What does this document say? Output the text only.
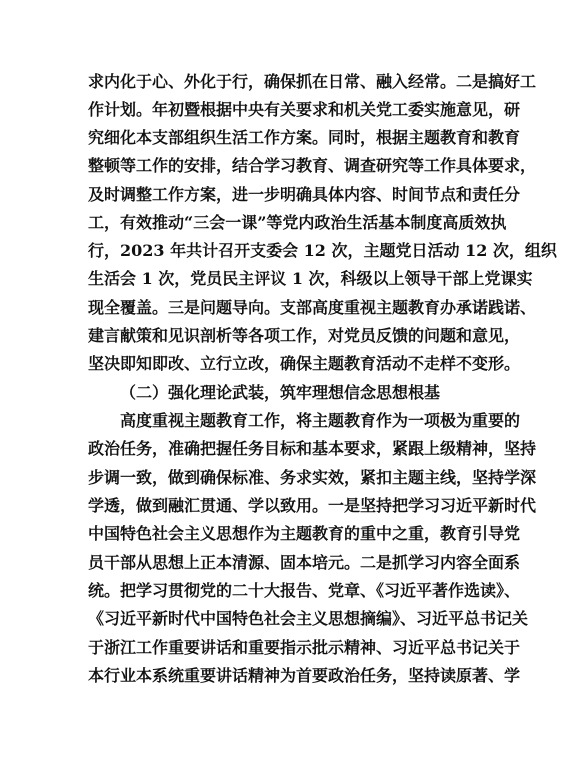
求内化于心、外化于行，确保抓在日常、融入经常。二是搞好工
作计划。年初暨根据中央有关要求和机关党工委实施意见，研
究细化本支部组织生活工作方案。同时，根据主题教育和教育
整顿等工作的安排，结合学习教育、调查研究等工作具体要求，
及时调整工作方案，进一步明确具体内容、时间节点和责任分
工，有效推动“三会一课”等党内政治生活基本制度高质效执
行，2023 年共计召开支委会 12 次，主题党日活动 12 次，组织
生活会 1 次，党员民主评议 1 次，科级以上领导干部上党课实
现全覆盖。三是问题导向。支部高度重视主题教育办承诺践诺、
建言献策和见识剖析等各项工作，对党员反馈的问题和意见，
坚决即知即改、立行立改，确保主题教育活动不走样不变形。
（二）强化理论武装，筑牢理想信念思想根基
高度重视主题教育工作，将主题教育作为一项极为重要的
政治任务，准确把握任务目标和基本要求，紧跟上级精神，坚持
步调一致，做到确保标准、务求实效，紧扣主题主线，坚持学深
学透，做到融汇贯通、学以致用。一是坚持把学习习近平新时代
中国特色社会主义思想作为主题教育的重中之重，教育引导党
员干部从思想上正本清源、固本培元。二是抓学习内容全面系
统。把学习贯彻党的二十大报告、党章、《习近平著作选读》、
《习近平新时代中国特色社会主义思想摘编》、习近平总书记关
于浙江工作重要讲话和重要指示批示精神、习近平总书记关于
本行业本系统重要讲话精神为首要政治任务，坚持读原著、学
